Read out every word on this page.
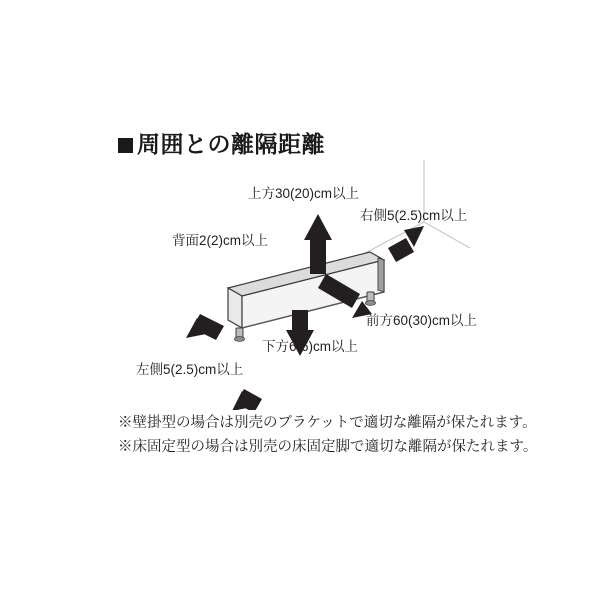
周囲との離隔距離
上方30(20)cm以上
右側5(2.5)cm以上
背面2(2)cm以上
前方60(30)cm以上
下方6(6)cm以上
左側5(2.5)cm以上
※壁掛型の場合は別売のブラケットで適切な離隔が保たれます。
※床固定型の場合は別売の床固定脚で適切な離隔が保たれます。
